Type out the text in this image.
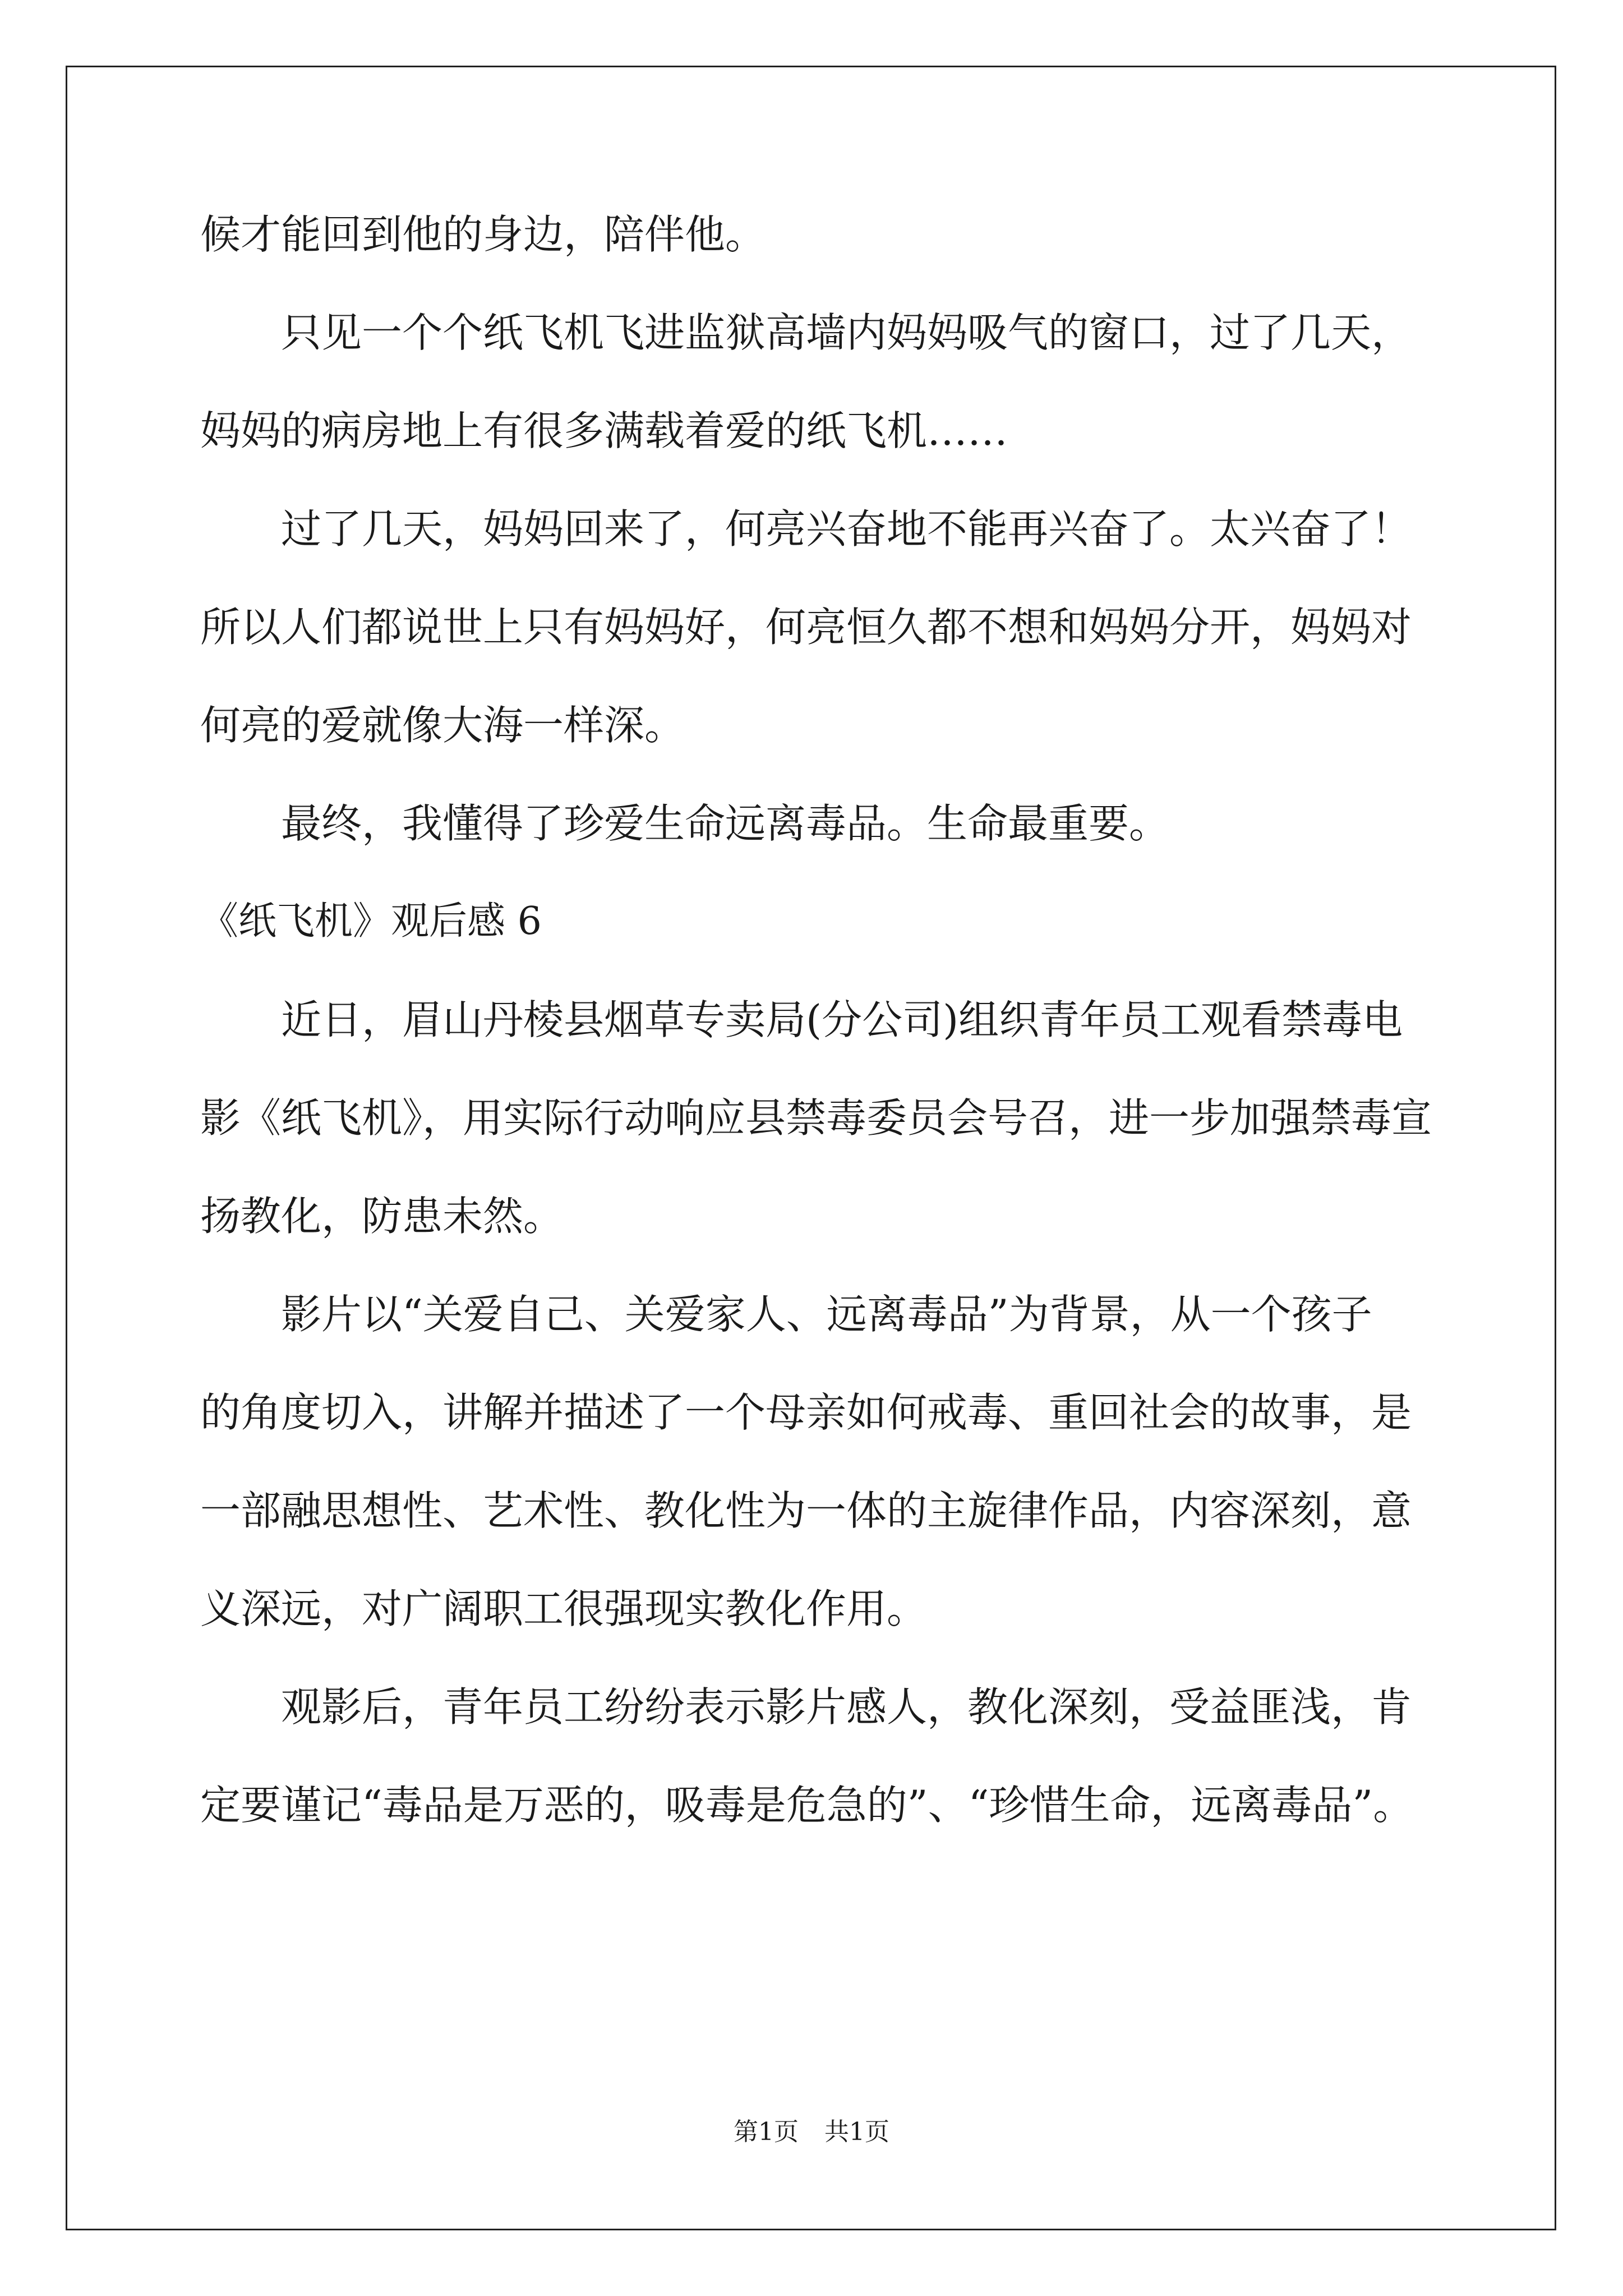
候才能回到他的身边，陪伴他。

只见一个个纸飞机飞进监狱高墙内妈妈吸气的窗口，过了几天，

妈妈的病房地上有很多满载着爱的纸飞机……

过了几天，妈妈回来了，何亮兴奋地不能再兴奋了。太兴奋了！

所以人们都说世上只有妈妈好，何亮恒久都不想和妈妈分开，妈妈对

何亮的爱就像大海一样深。

最终，我懂得了珍爱生命远离毒品。生命最重要。

《纸飞机》观后感 6

近日，眉山丹棱县烟草专卖局(分公司)组织青年员工观看禁毒电

影《纸飞机》，用实际行动响应县禁毒委员会号召，进一步加强禁毒宣

扬教化，防患未然。

影片以“关爱自己、关爱家人、远离毒品”为背景，从一个孩子

的角度切入，讲解并描述了一个母亲如何戒毒、重回社会的故事，是

一部融思想性、艺术性、教化性为一体的主旋律作品，内容深刻，意

义深远，对广阔职工很强现实教化作用。

观影后，青年员工纷纷表示影片感人，教化深刻，受益匪浅，肯

定要谨记“毒品是万恶的，吸毒是危急的”、“珍惜生命，远离毒品”。

第1页 共1页
